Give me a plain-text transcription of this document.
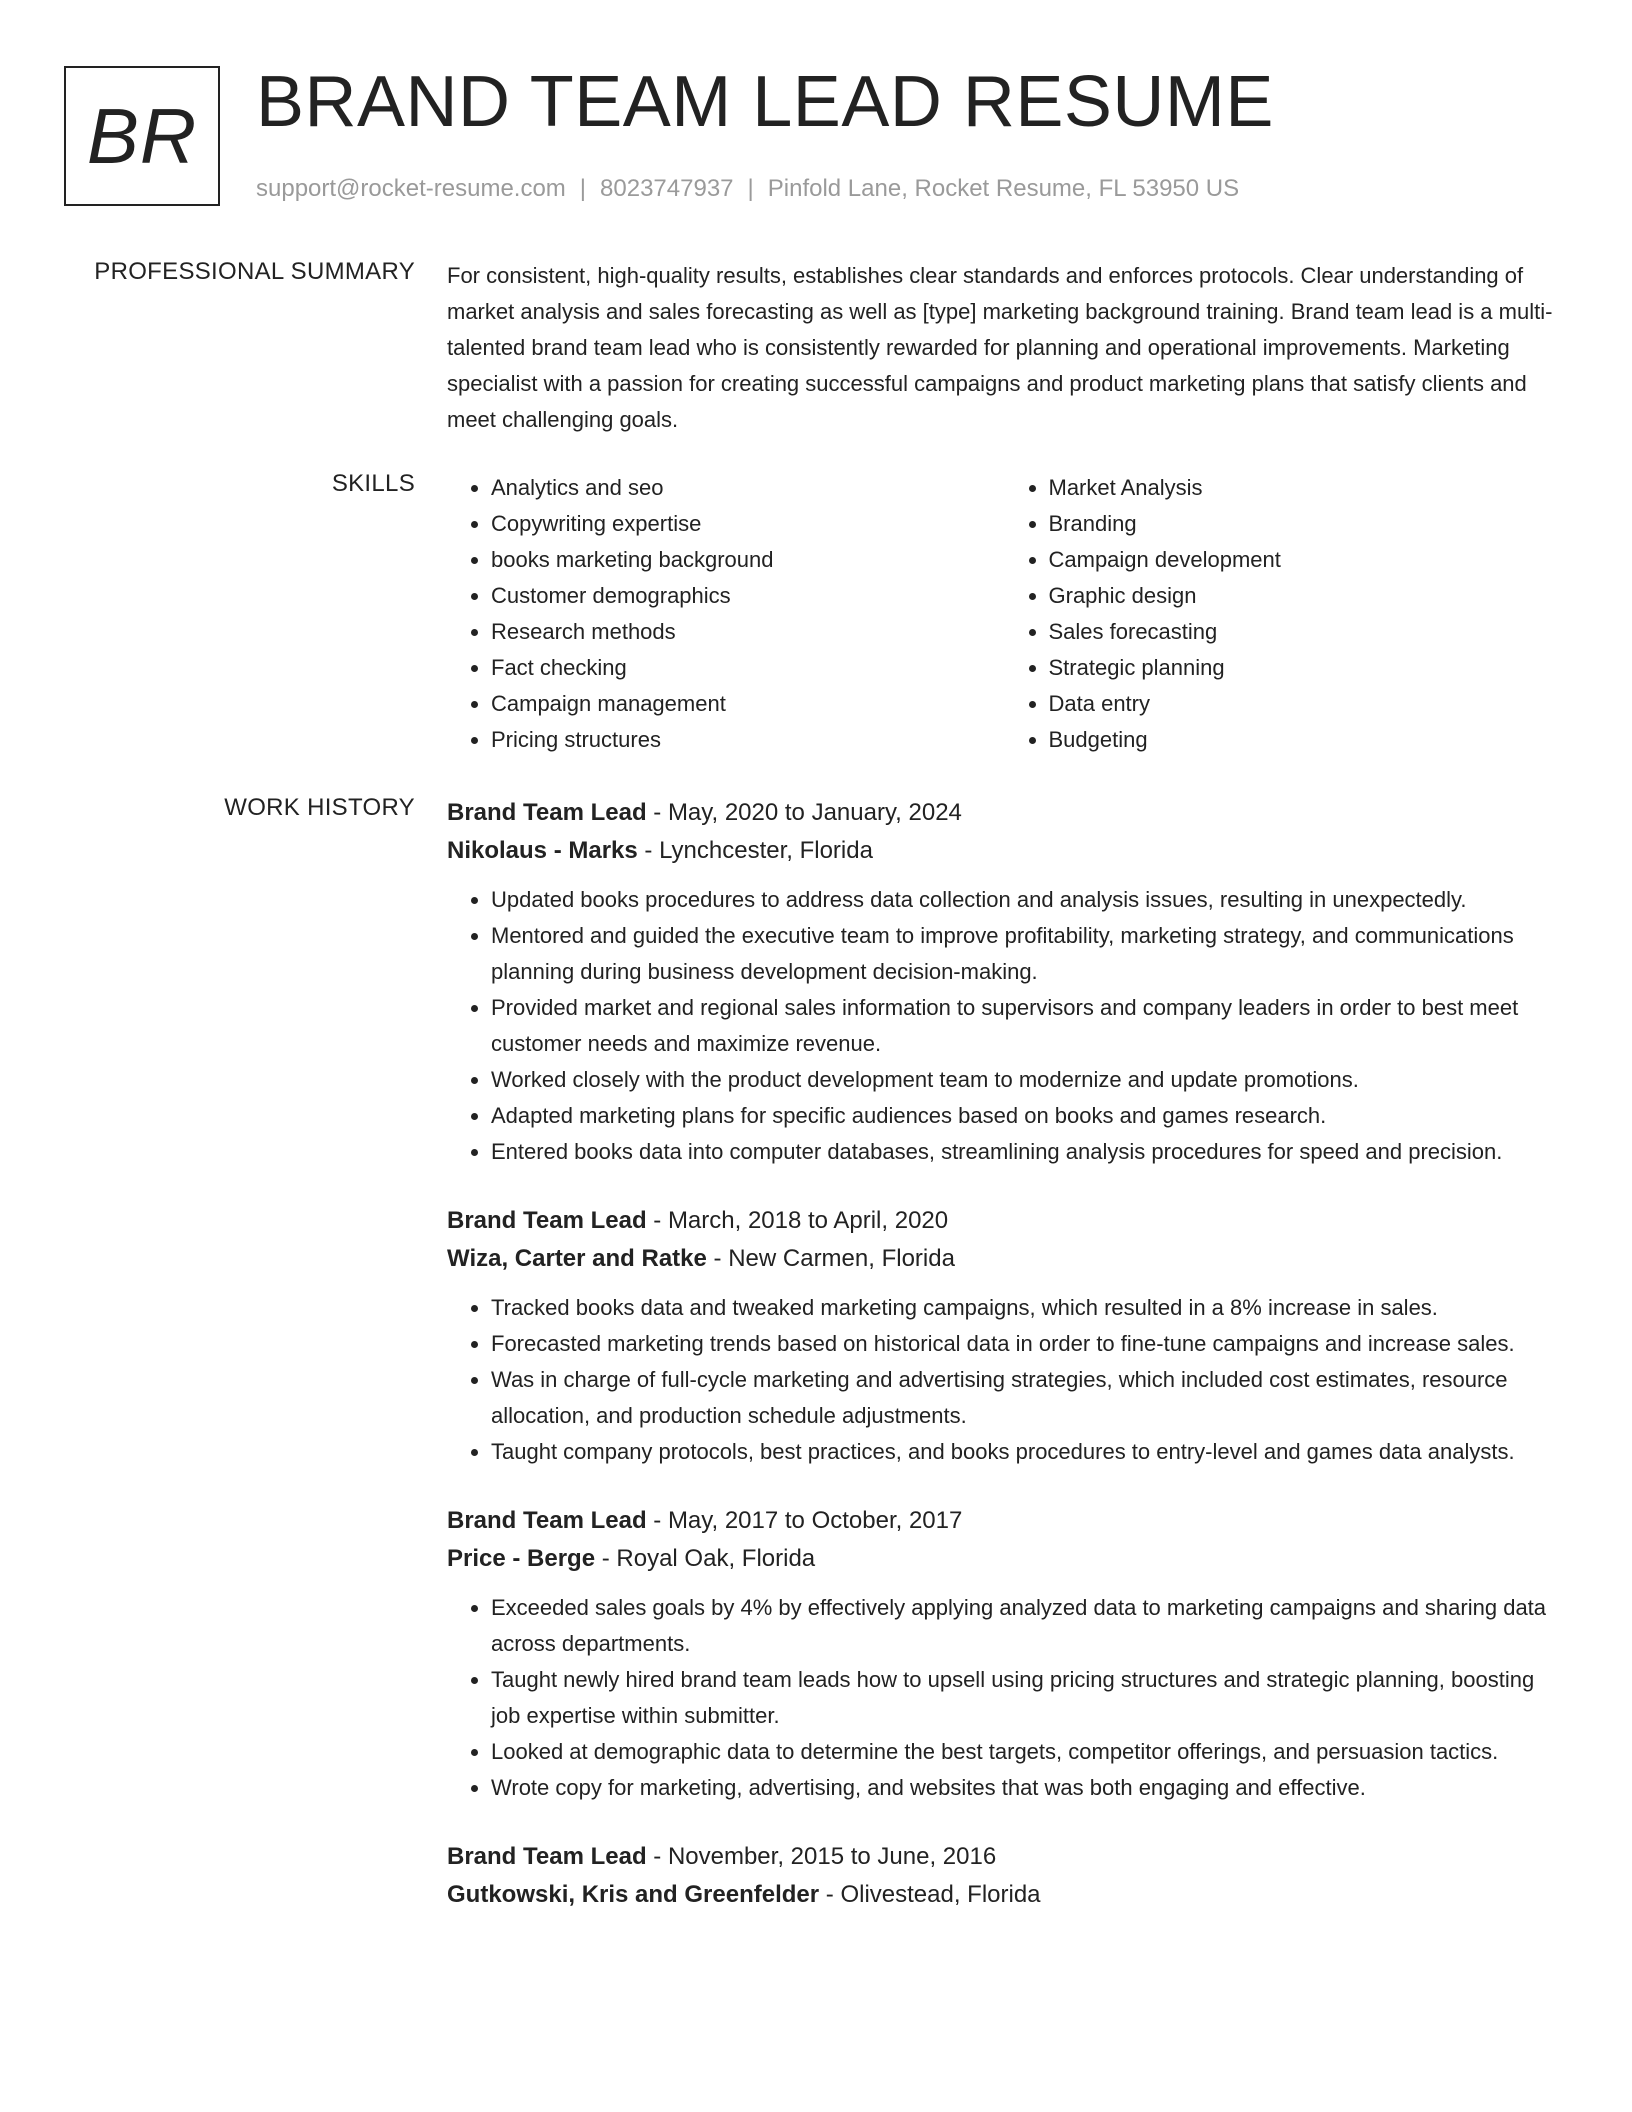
BR BRAND TEAM LEAD RESUME
support@rocket-resume.com | 8023747937 | Pinfold Lane, Rocket Resume, FL 53950 US
PROFESSIONAL SUMMARY For consistent, high-quality results, establishes clear standards and enforces protocols. Clear understanding of market analysis and sales forecasting as well as [type] marketing background training. Brand team lead is a multi-talented brand team lead who is consistently rewarded for planning and operational improvements. Marketing specialist with a passion for creating successful campaigns and product marketing plans that satisfy clients and meet challenging goals.

SKILLS
•	Analytics and seo
• Copywriting expertise
• books marketing background
• Customer demographics
• Research methods
• Fact checking
• Campaign management
• Pricing structures
• Market Analysis
• Branding
• Campaign development
• Graphic design
• Sales forecasting
• Strategic planning
• Data entry
• Budgeting
WORK HISTORY Brand Team Lead - May, 2020 to January, 2024
Nikolaus - Marks - Lynchcester, Florida
• Updated books procedures to address data collection and analysis issues, resulting in unexpectedly.
• Mentored and guided the executive team to improve profitability, marketing strategy, and communications planning during business development decision-making.
• Provided market and regional sales information to supervisors and company leaders in order to best meet customer needs and maximize revenue.
• Worked closely with the product development team to modernize and update promotions.
• Adapted marketing plans for specific audiences based on books and games research.
• Entered books data into computer databases, streamlining analysis procedures for speed and precision.
Brand Team Lead - March, 2018 to April, 2020
Wiza, Carter and Ratke - New Carmen, Florida
• Tracked books data and tweaked marketing campaigns, which resulted in a 8% increase in sales.
• Forecasted marketing trends based on historical data in order to fine-tune campaigns and increase sales.
• Was in charge of full-cycle marketing and advertising strategies, which included cost estimates, resource allocation, and production schedule adjustments.
• Taught company protocols, best practices, and books procedures to entry-level and games data analysts.
Brand Team Lead - May, 2017 to October, 2017
Price - Berge - Royal Oak, Florida
• Exceeded sales goals by 4% by effectively applying analyzed data to marketing campaigns and sharing data across departments.
• Taught newly hired brand team leads how to upsell using pricing structures and strategic planning, boosting job expertise within submitter.
• Looked at demographic data to determine the best targets, competitor offerings, and persuasion tactics.
• Wrote copy for marketing, advertising, and websites that was both engaging and effective.
Brand Team Lead - November, 2015 to June, 2016
Gutkowski, Kris and Greenfelder - Olivestead, Florida
